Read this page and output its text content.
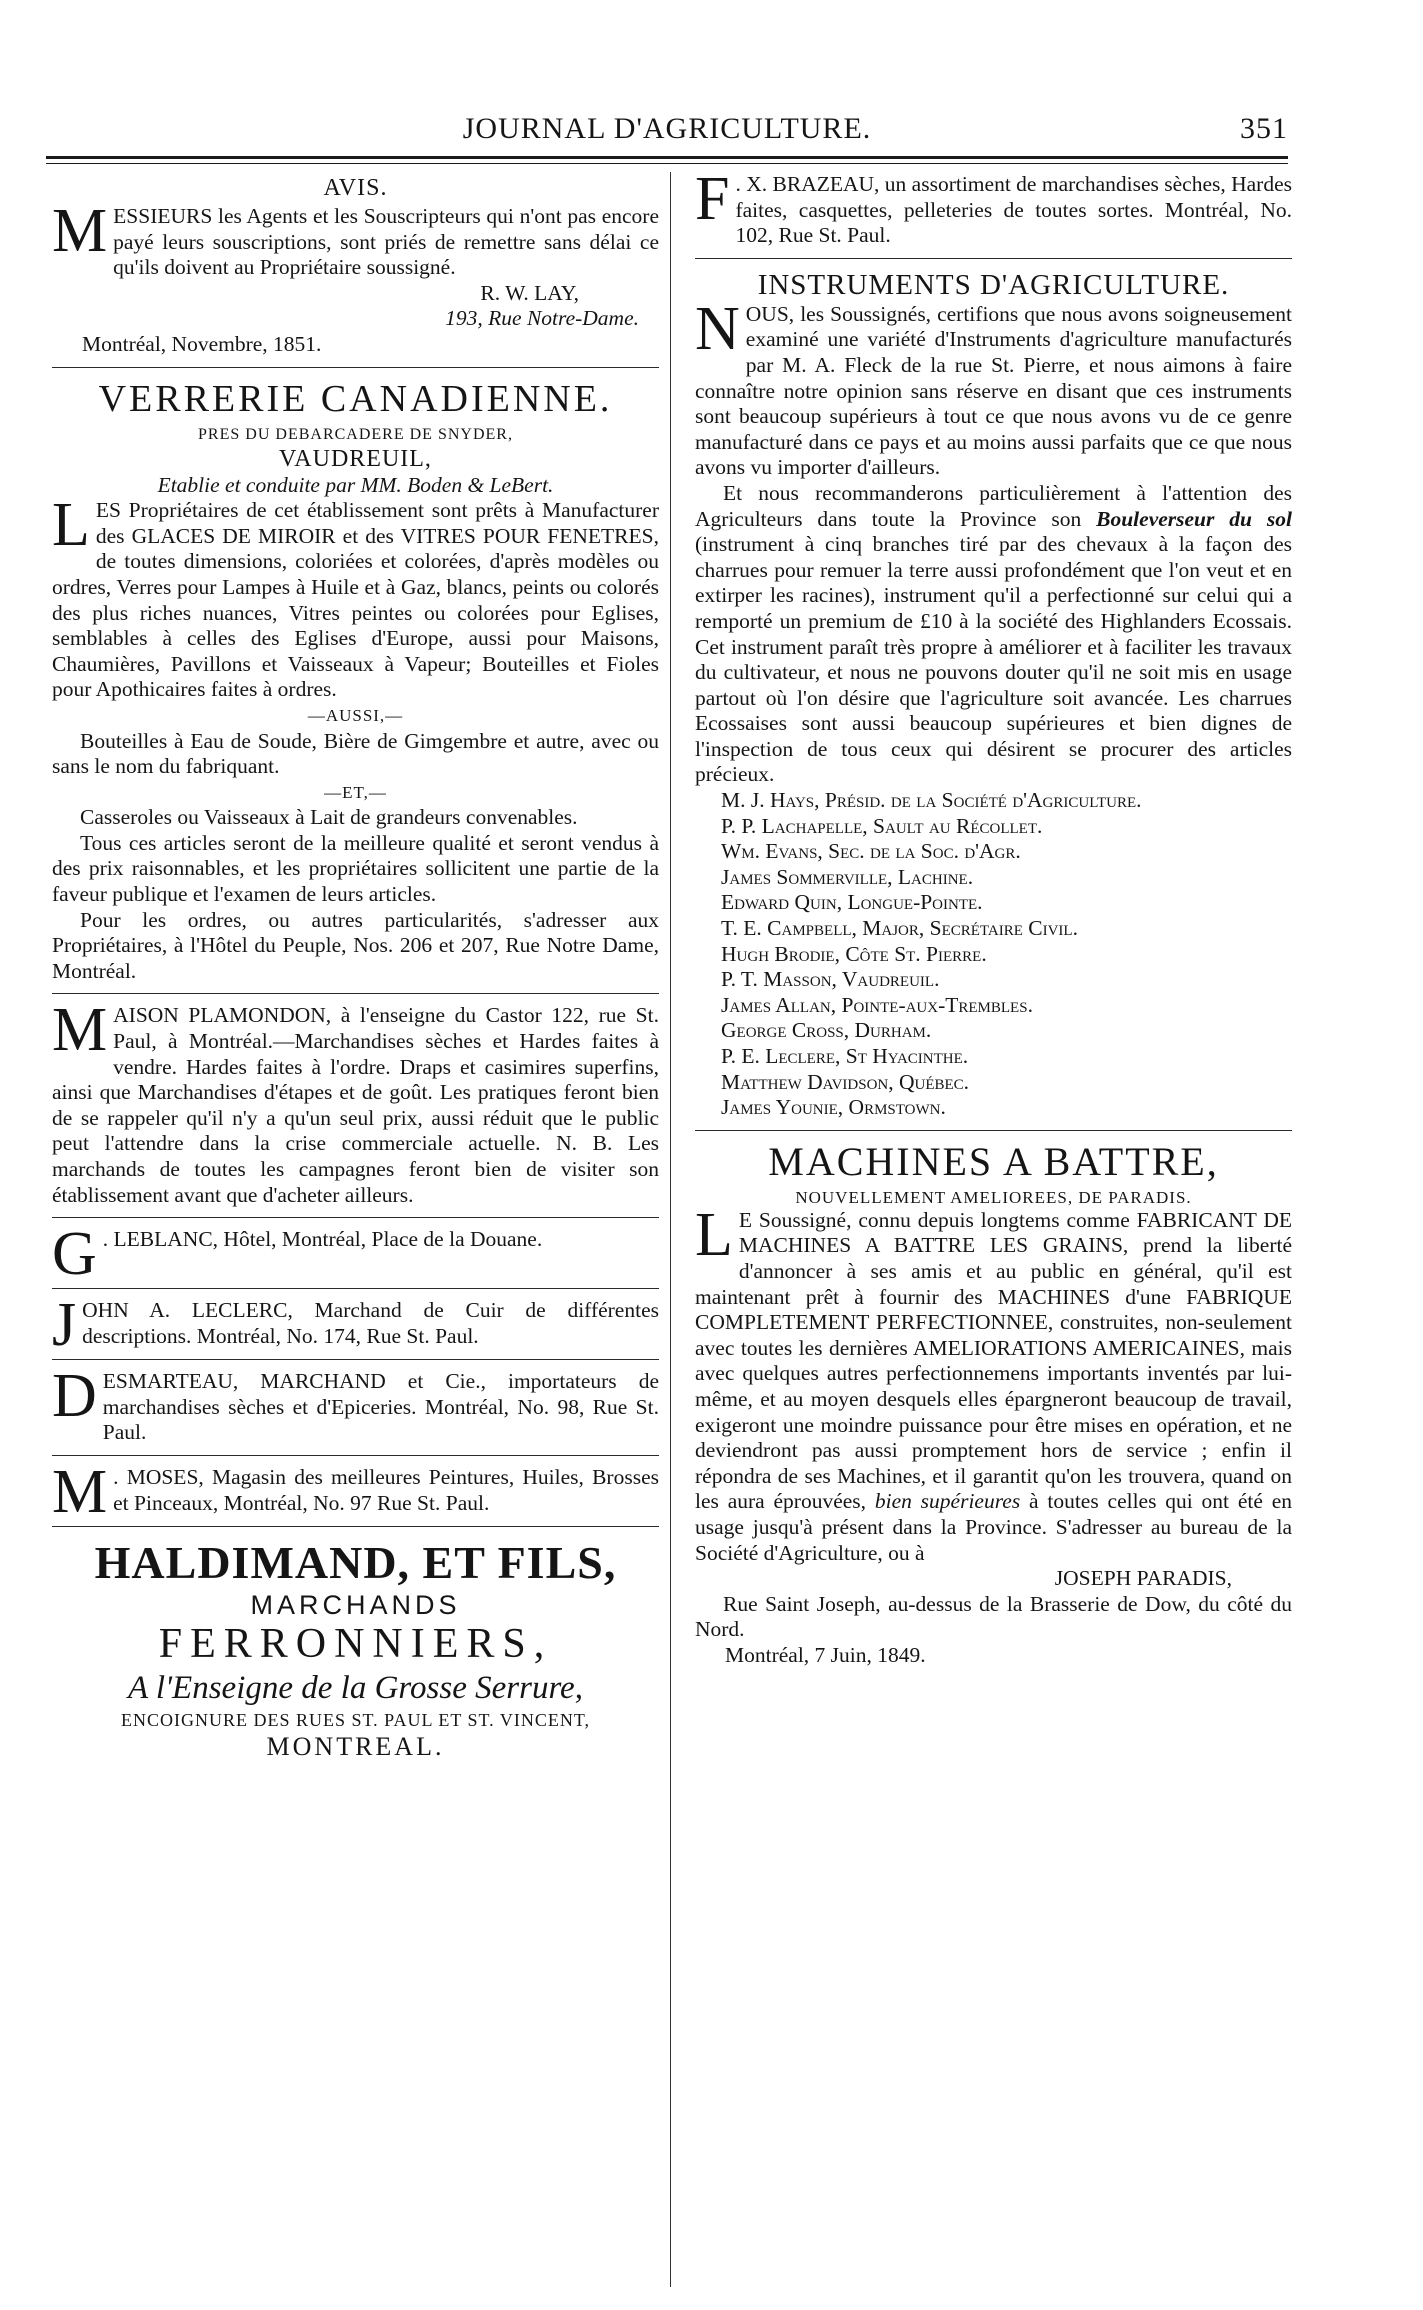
JOURNAL D'AGRICULTURE.	351
AVIS.

M ESSIEURS les Agents et les Souscripteurs qui n'ont pas encore payé leurs souscriptions, sont priés de remettre sans délai ce qu'ils doivent au Propriétaire soussigné.

R. W. LAY,
193, Rue Notre-Dame.
Montréal, Novembre, 1851.
VERRERIE CANADIENNE.
PRES DU DEBARCADERE DE SNYDER,
VAUDREUIL,
Etablie et conduite par MM. Boden & LeBert.

L ES Propriétaires de cet établissement sont prêts à Manufacturer des GLACES DE MIROIR et des VITRES POUR FENETRES, de toutes dimensions, coloriées et colorées, d'après modèles ou ordres, Verres pour Lampes à Huile et à Gaz, blancs, peints ou colorés des plus riches nuances, Vitres peintes ou colorées pour Eglises, semblables à celles des Eglises d'Europe, aussi pour Maisons, Chaumières, Pavillons et Vaisseaux à Vapeur; Bouteilles et Fioles pour Apothicaires faites à ordres.

—AUSSI,—

Bouteilles à Eau de Soude, Bière de Gimgembre et autre, avec ou sans le nom du fabriquant.

—ET,—

Casseroles ou Vaisseaux à Lait de grandeurs convenables.

Tous ces articles seront de la meilleure qualité et seront vendus à des prix raisonnables, et les propriétaires sollicitent une partie de la faveur publique et l'examen de leurs articles.

Pour les ordres, ou autres particularités, s'adresser aux Propriétaires, à l'Hôtel du Peuple, Nos. 206 et 207, Rue Notre Dame, Montréal.

M AISON PLAMONDON, à l'enseigne du Castor 122, rue St. Paul, à Montréal.—Marchandises sèches et Hardes faites à vendre. Hardes faites à l'ordre. Draps et casimires superfins, ainsi que Marchandises d'étapes et de goût. Les pratiques feront bien de se rappeler qu'il n'y a qu'un seul prix, aussi réduit que le public peut l'attendre dans la crise commerciale actuelle. N. B. Les marchands de toutes les campagnes feront bien de visiter son établissement avant que d'acheter ailleurs.

G . LEBLANC, Hôtel, Montréal, Place de la Douane.

J OHN A. LECLERC, Marchand de Cuir de différentes descriptions. Montréal, No. 174, Rue St. Paul.

D ESMARTEAU, MARCHAND et Cie., importateurs de marchandises sèches et d'Epiceries. Montréal, No. 98, Rue St. Paul.

M . MOSES, Magasin des meilleures Peintures, Huiles, Brosses et Pinceaux, Montréal, No. 97 Rue St. Paul.

HALDIMAND, ET FILS,
MARCHANDS
FERRONNIERS,
A l'Enseigne de la Grosse Serrure,
ENCOIGNURE DES RUES ST. PAUL ET ST. VINCENT,
MONTREAL.

F . X. BRAZEAU, un assortiment de marchandises sèches, Hardes faites, casquettes, pelleteries de toutes sortes. Montréal, No. 102, Rue St. Paul.

INSTRUMENTS D'AGRICULTURE.

N OUS, les Soussignés, certifions que nous avons soigneusement examiné une variété d'Instruments d'agriculture manufacturés par M. A. Fleck de la rue St. Pierre, et nous aimons à faire connaître notre opinion sans réserve en disant que ces instruments sont beaucoup supérieurs à tout ce que nous avons vu de ce genre manufacturé dans ce pays et au moins aussi parfaits que ce que nous avons vu importer d'ailleurs.

Et nous recommanderons particulièrement à l'attention des Agriculteurs dans toute la Province son Bouleverseur du sol (instrument à cinq branches tiré par des chevaux à la façon des charrues pour remuer la terre aussi profondément que l'on veut et en extirper les racines), instrument qu'il a perfectionné sur celui qui a remporté un premium de £10 à la société des Highlanders Ecossais. Cet instrument paraît très propre à améliorer et à faciliter les travaux du cultivateur, et nous ne pouvons douter qu'il ne soit mis en usage partout où l'on désire que l'agriculture soit avancée. Les charrues Ecossaises sont aussi beaucoup supérieures et bien dignes de l'inspection de tous ceux qui désirent se procurer des articles précieux.

M. J. Hays, Présid. de la Société d'Agriculture.
P. P. Lachapelle, Sault au Récollet.
Wm. Evans, Sec. de la Soc. d'Agr.
James Sommerville, Lachine.
Edward Quin, Longue-Pointe.
T. E. Campbell, Major, Secrétaire Civil.
Hugh Brodie, Côte St. Pierre.
P. T. Masson, Vaudreuil.
James Allan, Pointe-aux-Trembles.
George Cross, Durham.
P. E. Leclere, St Hyacinthe.
Matthew Davidson, Québec.
James Younie, Ormstown.
MACHINES A BATTRE,
NOUVELLEMENT AMELIOREES, DE PARADIS.

L E Soussigné, connu depuis longtems comme FABRICANT DE MACHINES A BATTRE LES GRAINS, prend la liberté d'annoncer à ses amis et au public en général, qu'il est maintenant prêt à fournir des MACHINES d'une FABRIQUE COMPLETEMENT PERFECTIONNEE, construites, non-seulement avec toutes les dernières AMELIORATIONS AMERICAINES, mais avec quelques autres perfectionnemens importants inventés par lui-même, et au moyen desquels elles épargneront beaucoup de travail, exigeront une moindre puissance pour être mises en opération, et ne deviendront pas aussi promptement hors de service ; enfin il répondra de ses Machines, et il garantit qu'on les trouvera, quand on les aura éprouvées, bien supérieures à toutes celles qui ont été en usage jusqu'à présent dans la Province. S'adresser au bureau de la Société d'Agriculture, ou à

JOSEPH PARADIS,

Rue Saint Joseph, au-dessus de la Brasserie de Dow, du côté du Nord.

Montréal, 7 Juin, 1849.
